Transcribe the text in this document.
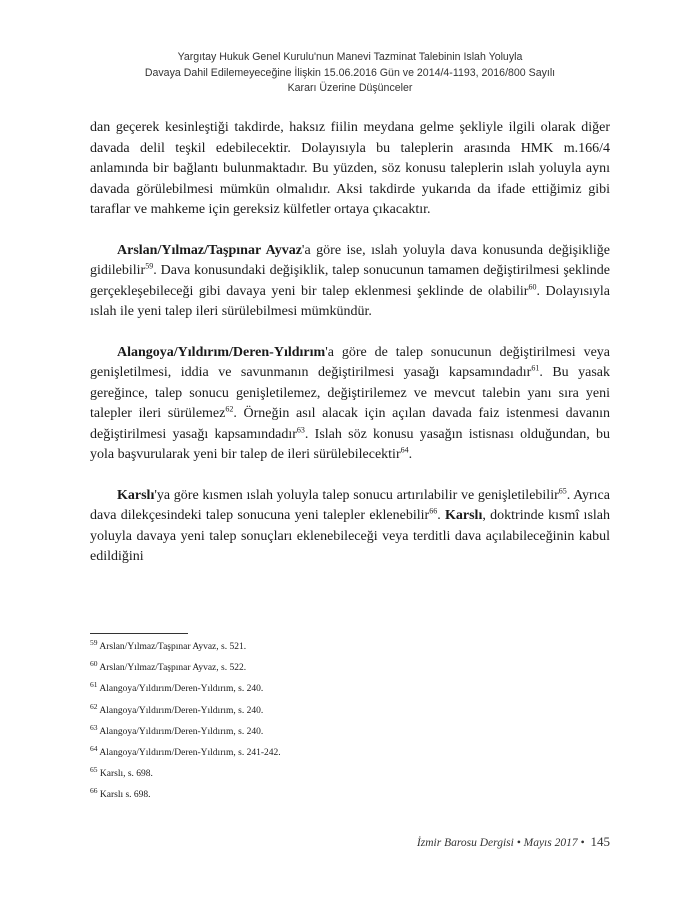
Yargıtay Hukuk Genel Kurulu'nun Manevi Tazminat Talebinin Islah Yoluyla
Davaya Dahil Edilemeyeceğine İlişkin 15.06.2016 Gün ve 2014/4-1193, 2016/800 Sayılı
Kararı Üzerine Düşünceler

dan geçerek kesinleştiği takdirde, haksız fiilin meydana gelme şekliyle ilgili olarak diğer davada delil teşkil edebilecektir. Dolayısıyla bu taleplerin arasında HMK m.166/4 anlamında bir bağlantı bulunmaktadır. Bu yüzden, söz konusu taleplerin ıslah yoluyla aynı davada görülebilmesi mümkün olmalıdır. Aksi takdirde yukarıda da ifade ettiğimiz gibi taraflar ve mahkeme için gereksiz külfetler ortaya çıkacaktır.

Arslan/Yılmaz/Taşpınar Ayvaz'a göre ise, ıslah yoluyla dava konusunda değişikliğe gidilebilir$^{59}$. Dava konusundaki değişiklik, talep sonucunun tamamen değiştirilmesi şeklinde gerçekleşebileceği gibi davaya yeni bir talep eklenmesi şeklinde de olabilir$^{60}$. Dolayısıyla ıslah ile yeni talep ileri sürülebilmesi mümkündür.

Alangoya/Yıldırım/Deren-Yıldırım'a göre de talep sonucunun değiştirilmesi veya genişletilmesi, iddia ve savunmanın değiştirilmesi yasağı kapsamındadır$^{61}$. Bu yasak gereğince, talep sonucu genişletilemez, değiştirilemez ve mevcut talebin yanı sıra yeni talepler ileri sürülemez$^{62}$. Örneğin asıl alacak için açılan davada faiz istenmesi davanın değiştirilmesi yasağı kapsamındadır$^{63}$. Islah söz konusu yasağın istisnası olduğundan, bu yola başvurularak yeni bir talep de ileri sürülebilecektir$^{64}$.

Karslı'ya göre kısmen ıslah yoluyla talep sonucu artırılabilir ve genişletilebilir$^{65}$. Ayrıca dava dilekçesindeki talep sonucuna yeni talepler eklenebilir$^{66}$. Karslı, doktrinde kısmî ıslah yoluyla davaya yeni talep sonuçları eklenebileceği veya terditli dava açılabileceğinin kabul edildiğini

$^{59}$ Arslan/Yılmaz/Taşpınar Ayvaz, s. 521.
$^{60}$ Arslan/Yılmaz/Taşpınar Ayvaz, s. 522.
$^{61}$ Alangoya/Yıldırım/Deren-Yıldırım, s. 240.
$^{62}$ Alangoya/Yıldırım/Deren-Yıldırım, s. 240.
$^{63}$ Alangoya/Yıldırım/Deren-Yıldırım, s. 240.
$^{64}$ Alangoya/Yıldırım/Deren-Yıldırım, s. 241-242.
$^{65}$ Karslı, s. 698.
$^{66}$ Karslı s. 698.
İzmir Barosu Dergisi • Mayıs 2017 • 145
